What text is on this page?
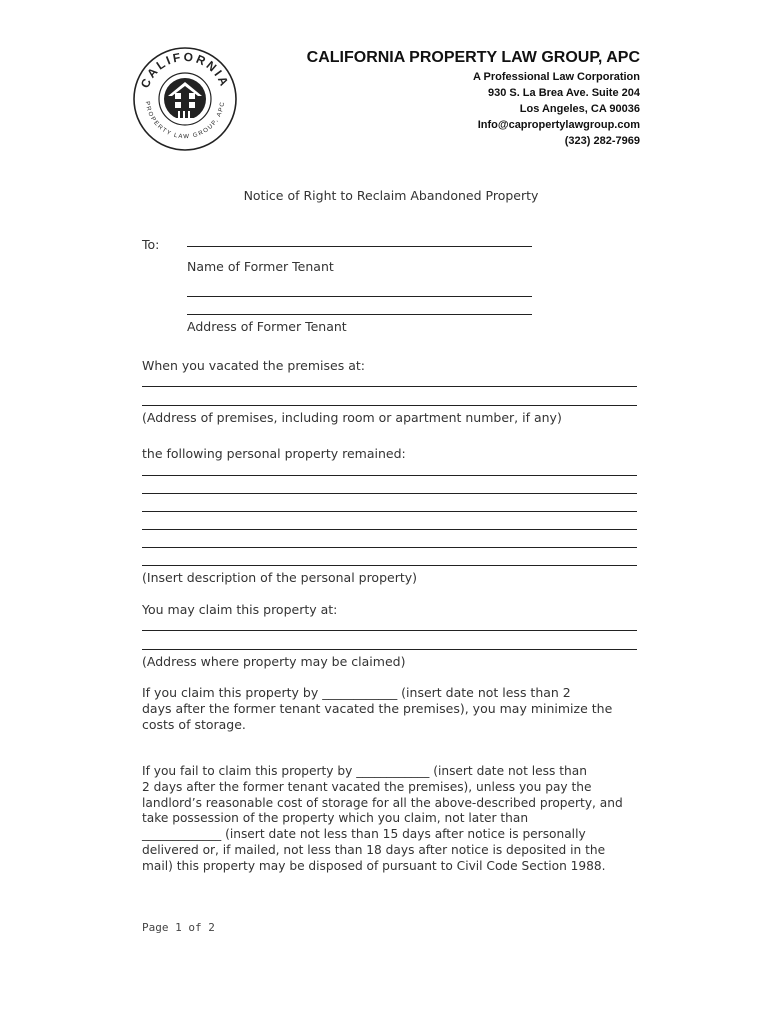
CALIFORNIA
PROPERTY LAW GROUP, APC
CALIFORNIA PROPERTY LAW GROUP, APC
A Professional Law Corporation
930 S. La Brea Ave. Suite 204
Los Angeles, CA 90036
Info@capropertylawgroup.com
(323) 282-7969
Notice of Right to Reclaim Abandoned Property
To:
Name of Former Tenant
Address of Former Tenant
When you vacated the premises at:
(Address of premises, including room or apartment number, if any)
the following personal property remained:
(Insert description of the personal property)
You may claim this property at:
(Address where property may be claimed)

If you claim this property by ____________ (insert date not less than 2

days after the former tenant vacated the premises), you may minimize the

costs of storage.

If you fail to claim this property by ____________ (insert date not less than

2 days after the former tenant vacated the premises), unless you pay the

landlord’s reasonable cost of storage for all the above-described property, and

take possession of the property which you claim, not later than

_____________ (insert date not less than 15 days after notice is personally

delivered or, if mailed, not less than 18 days after notice is deposited in the

mail) this property may be disposed of pursuant to Civil Code Section 1988.

Page 1 of 2
